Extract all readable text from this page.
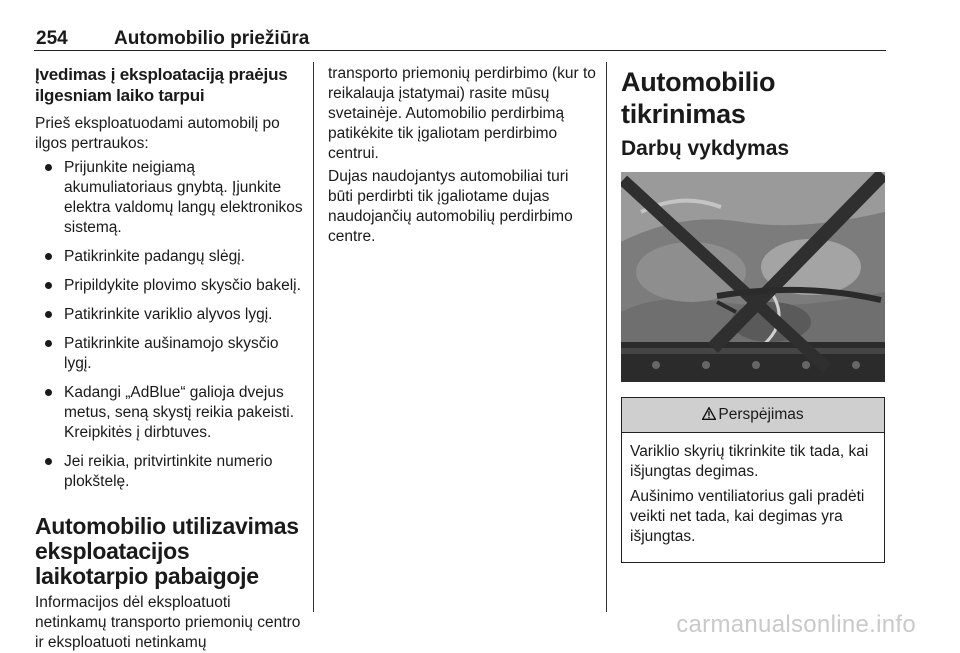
254 Automobilio priežiūra
Įvedimas į eksploataciją praėjus ilgesniam laiko tarpui

Prieš eksploatuodami automobilį po ilgos pertraukos:

Prijunkite neigiamą akumuliatoriaus gnybtą. Įjunkite elektra valdomų langų elektronikos sistemą.
Patikrinkite padangų slėgį.
Pripildykite plovimo skysčio bakelį.
Patikrinkite variklio alyvos lygį.
Patikrinkite aušinamojo skysčio lygį.
Kadangi „AdBlue“ galioja dvejus metus, seną skystį reikia pakeisti. Kreipkitės į dirbtuves.
Jei reikia, pritvirtinkite numerio plokštelę.
Automobilio utilizavimas eksploatacijos laikotarpio pabaigoje

Informacijos dėl eksploatuoti netinkamų transporto priemonių centro ir eksploatuoti netinkamų

transporto priemonių perdirbimo (kur to reikalauja įstatymai) rasite mūsų svetainėje. Automobilio perdirbimą patikėkite tik įgaliotam perdirbimo centrui.

Dujas naudojantys automobiliai turi būti perdirbti tik įgaliotame dujas naudojančių automobilių perdirbimo centre.

Automobilio tikrinimas
Darbų vykdymas
Perspėjimas

Variklio skyrių tikrinkite tik tada, kai išjungtas degimas.

Aušinimo ventiliatorius gali pradėti veikti net tada, kai degimas yra išjungtas.

carmanualsonline.info
